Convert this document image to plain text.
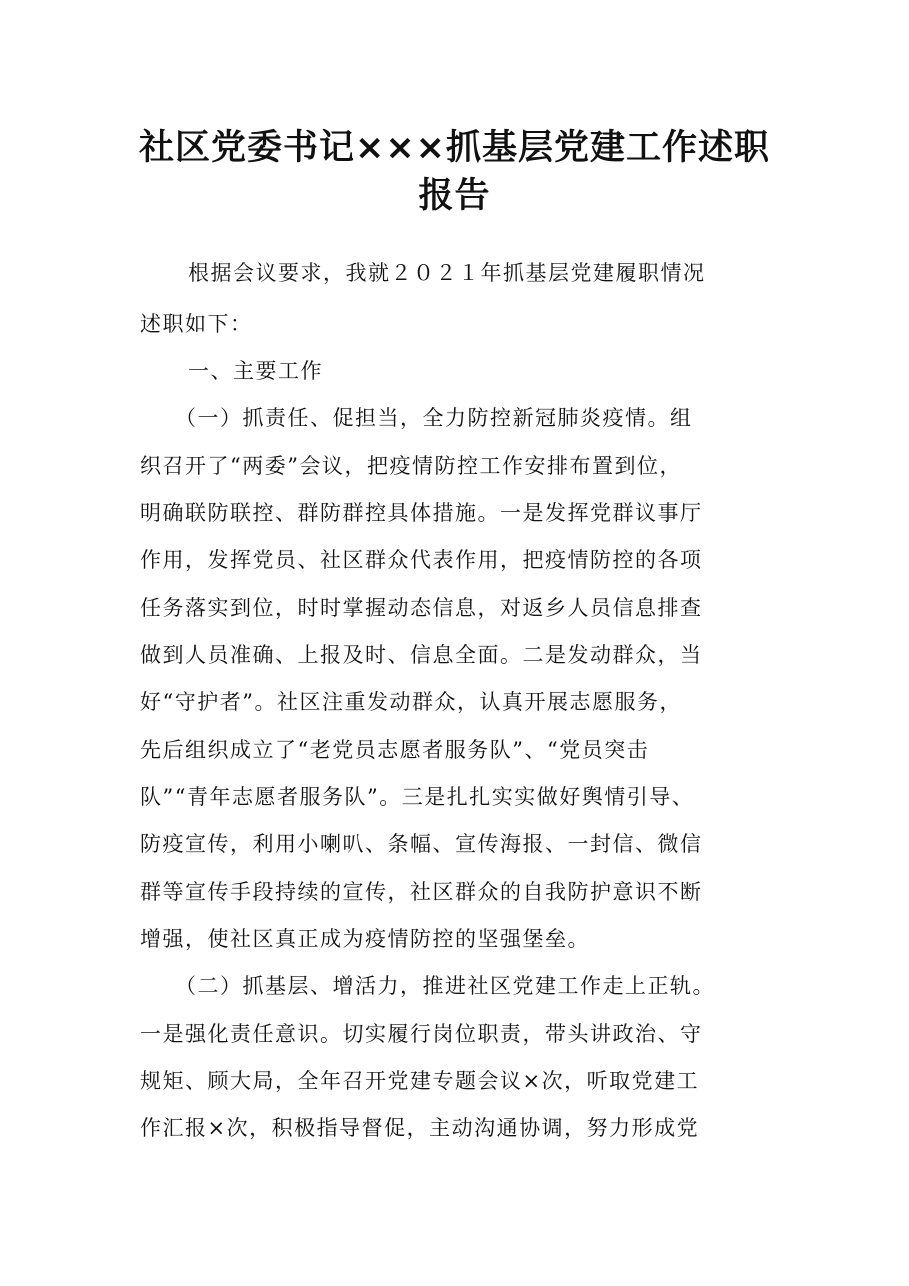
社区党委书记×××抓基层党建工作述职
报告
根据会议要求，我就２０２１年抓基层党建履职情况
述职如下：
一、主要工作
（一）抓责任、促担当，全力防控新冠肺炎疫情。组
织召开了“两委”会议，把疫情防控工作安排布置到位，
明确联防联控、群防群控具体措施。一是发挥党群议事厅
作用，发挥党员、社区群众代表作用，把疫情防控的各项
任务落实到位，时时掌握动态信息，对返乡人员信息排查
做到人员准确、上报及时、信息全面。二是发动群众，当
好“守护者”。社区注重发动群众，认真开展志愿服务，
先后组织成立了“老党员志愿者服务队”、“党员突击
队”“青年志愿者服务队”。三是扎扎实实做好舆情引导、
防疫宣传，利用小喇叭、条幅、宣传海报、一封信、微信
群等宣传手段持续的宣传，社区群众的自我防护意识不断
增强，使社区真正成为疫情防控的坚强堡垒。
（二）抓基层、增活力，推进社区党建工作走上正轨。
一是强化责任意识。切实履行岗位职责，带头讲政治、守
规矩、顾大局，全年召开党建专题会议×次，听取党建工
作汇报×次，积极指导督促，主动沟通协调，努力形成党
